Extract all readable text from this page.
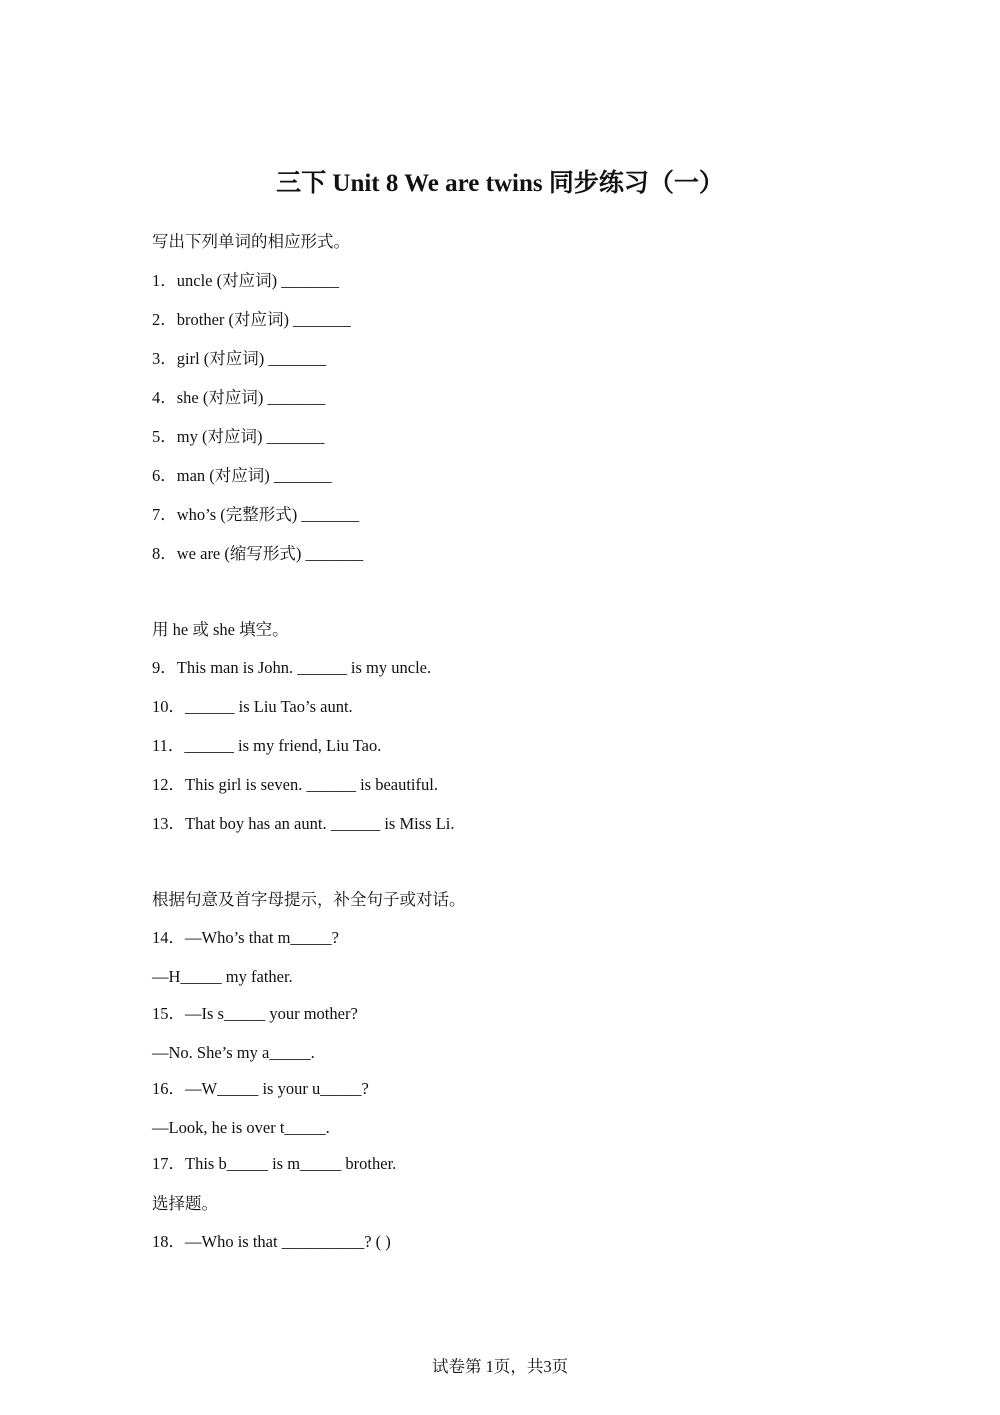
三下 Unit 8 We are twins 同步练习（一）
写出下列单词的相应形式。
1．uncle (对应词) _______
2．brother (对应词) _______
3．girl (对应词) _______
4．she (对应词) _______
5．my (对应词) _______
6．man (对应词) _______
7．who’s (完整形式) _______
8．we are (缩写形式) _______
用 he 或 she 填空。
9．This man is John. ______ is my uncle.
10．______ is Liu Tao’s aunt.
11．______ is my friend, Liu Tao.
12．This girl is seven. ______ is beautiful.
13．That boy has an aunt. ______ is Miss Li.
根据句意及首字母提示，补全句子或对话。
14．—Who’s that m_____?
—H_____ my father.
15．—Is s_____ your mother?
—No. She’s my a_____.
16．—W_____ is your u_____?
—Look, he is over t_____.
17．This b_____ is m_____ brother.
选择题。
18．—Who is that __________? ( )
试卷第 1页，共3页
